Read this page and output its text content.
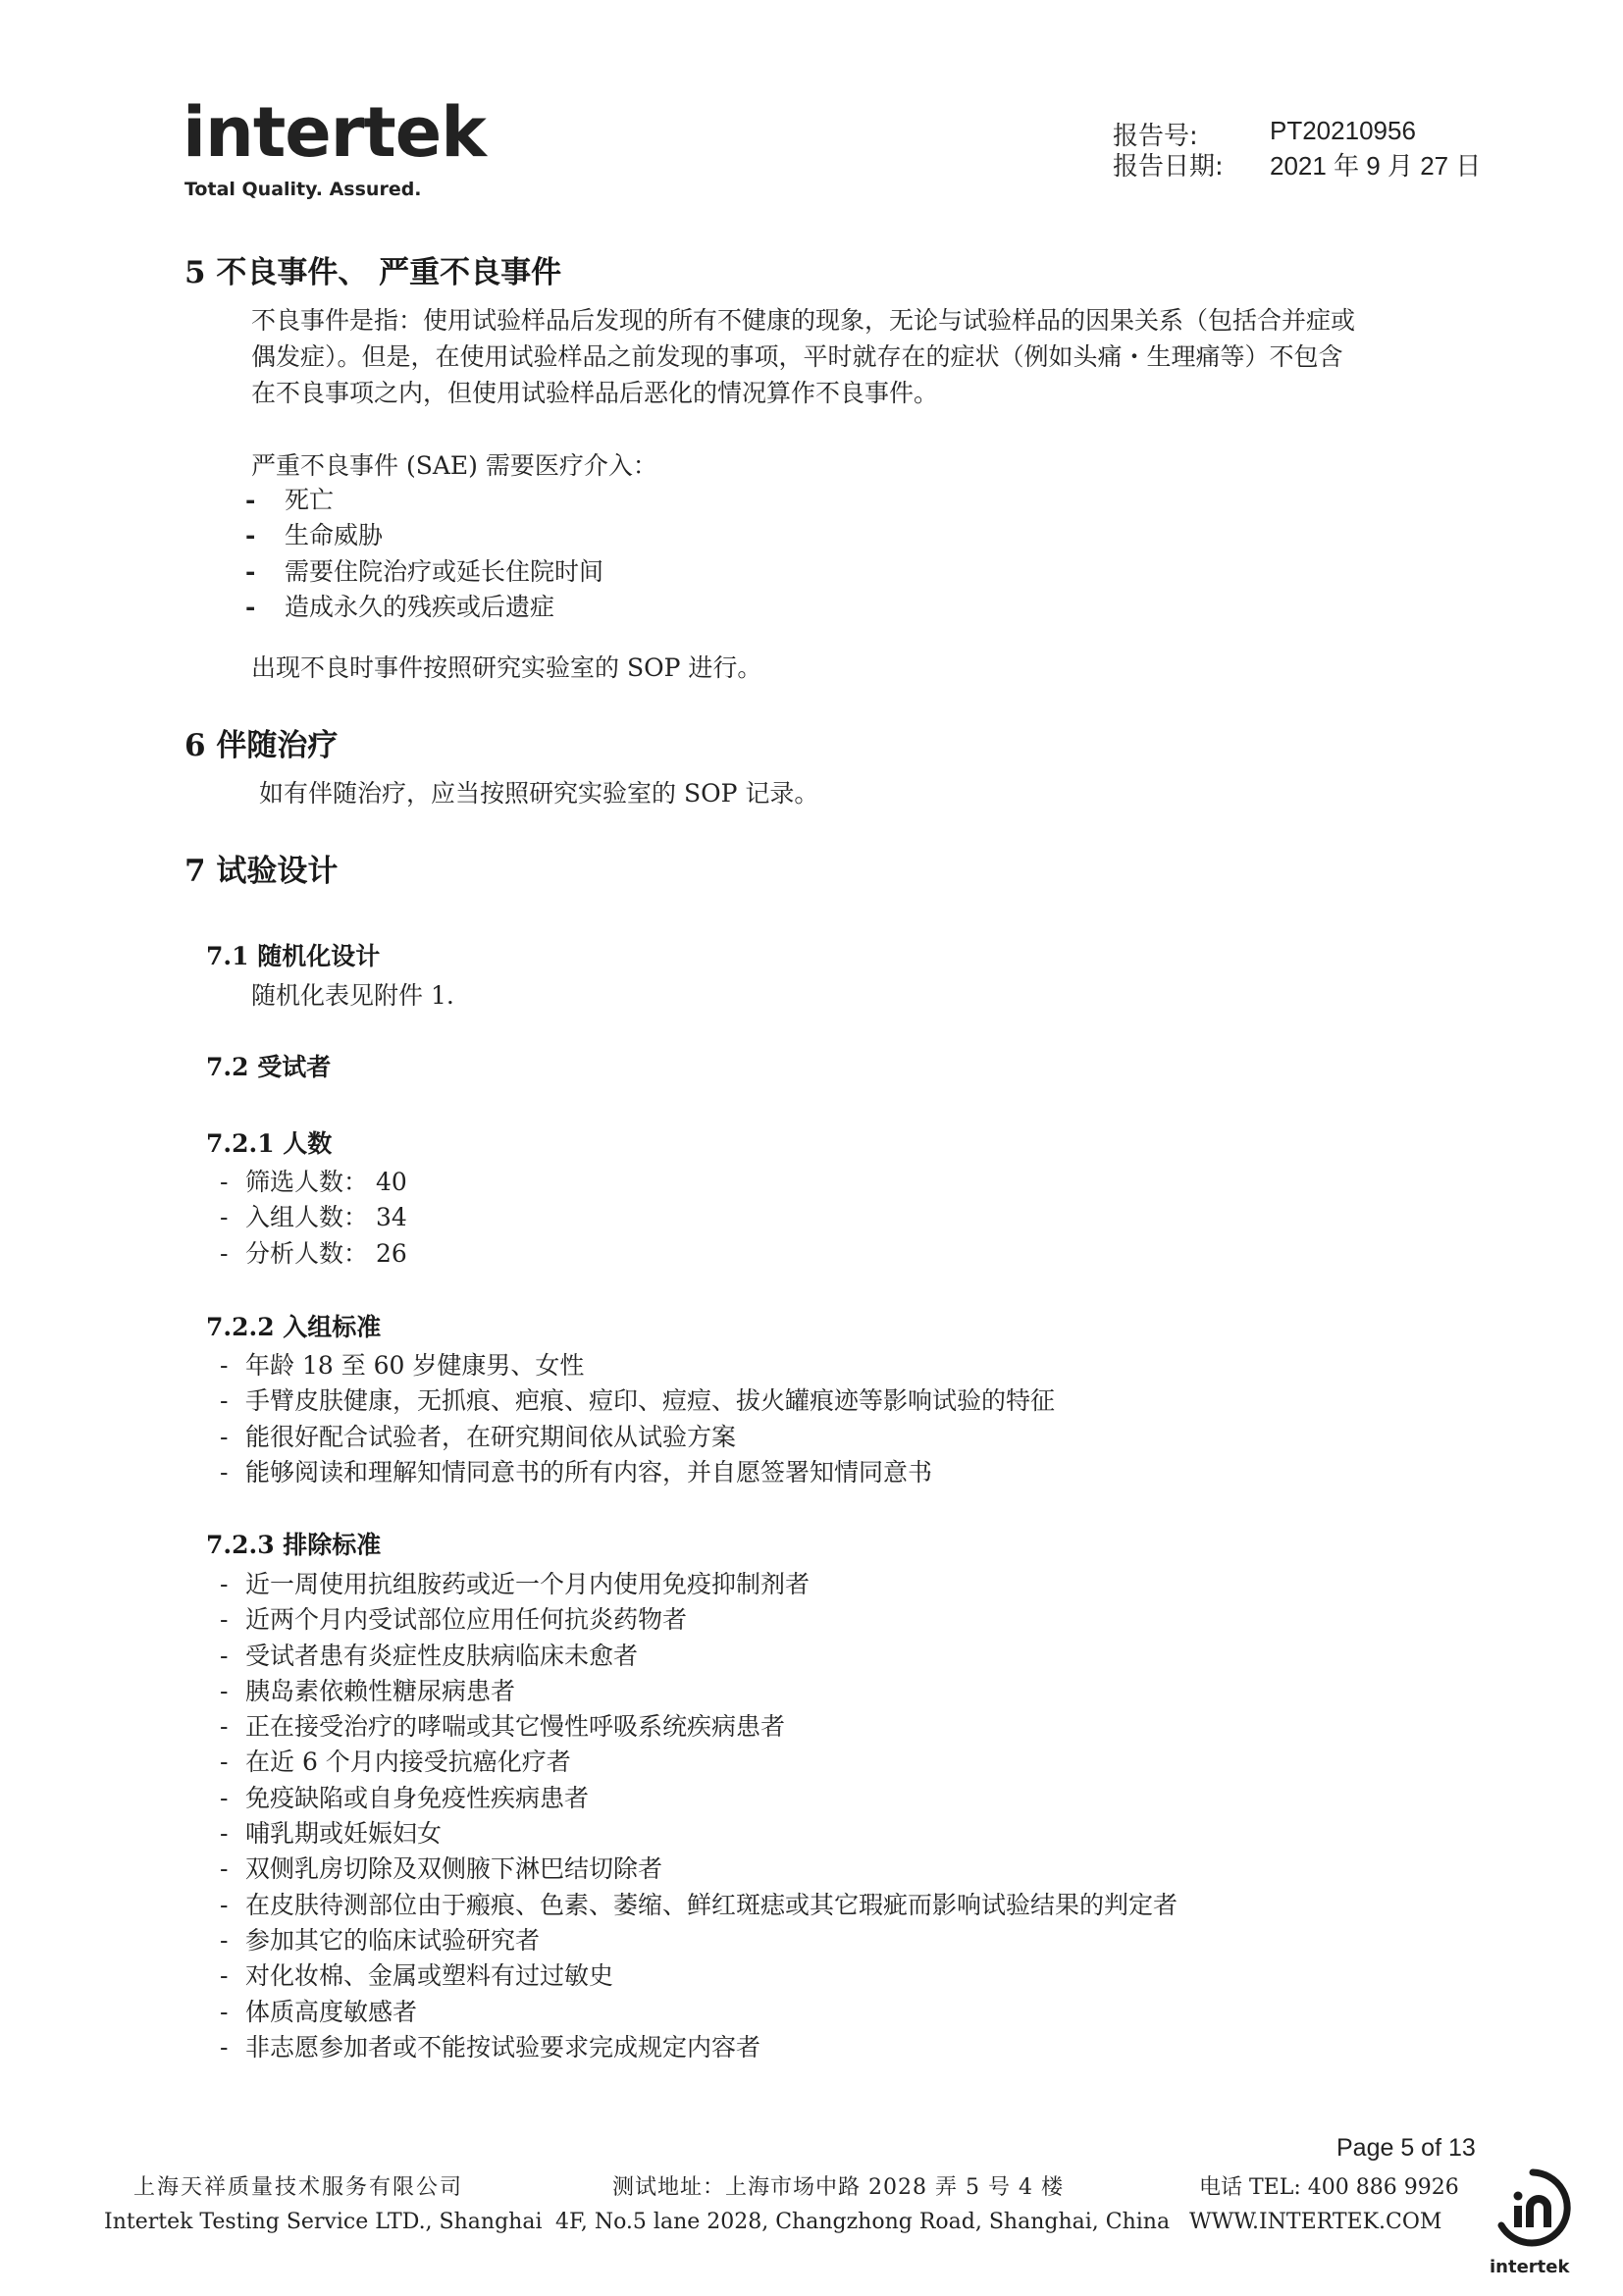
intertek
Total Quality. Assured.
报告号:	PT20210956
报告日期: 2021 年 9 月 27 日
5 不良事件、 严重不良事件
不良事件是指：使用试验样品后发现的所有不健康的现象，无论与试验样品的因果关系（包括合并症或
偶发症）。但是，在使用试验样品之前发现的事项，平时就存在的症状（例如头痛・生理痛等）不包含
在不良事项之内，但使用试验样品后恶化的情况算作不良事件。
严重不良事件 (SAE) 需要医疗介入：
- 死亡
- 生命威胁
- 需要住院治疗或延长住院时间
- 造成永久的残疾或后遗症
出现不良时事件按照研究实验室的 SOP 进行。
6 伴随治疗
如有伴随治疗，应当按照研究实验室的 SOP 记录。
7 试验设计
7.1 随机化设计
随机化表见附件 1.
7.2 受试者
7.2.1 人数
- 筛选人数： 40
- 入组人数： 34
- 分析人数： 26
7.2.2 入组标准
- 年龄 18 至 60 岁健康男、女性
- 手臂皮肤健康，无抓痕、疤痕、痘印、痘痘、拔火罐痕迹等影响试验的特征
- 能很好配合试验者，在研究期间依从试验方案
- 能够阅读和理解知情同意书的所有内容，并自愿签署知情同意书
7.2.3 排除标准
- 近一周使用抗组胺药或近一个月内使用免疫抑制剂者
- 近两个月内受试部位应用任何抗炎药物者
- 受试者患有炎症性皮肤病临床未愈者
- 胰岛素依赖性糖尿病患者
- 正在接受治疗的哮喘或其它慢性呼吸系统疾病患者
- 在近 6 个月内接受抗癌化疗者
- 免疫缺陷或自身免疫性疾病患者
- 哺乳期或妊娠妇女
- 双侧乳房切除及双侧腋下淋巴结切除者
- 在皮肤待测部位由于瘢痕、色素、萎缩、鲜红斑痣或其它瑕疵而影响试验结果的判定者
- 参加其它的临床试验研究者
- 对化妆棉、金属或塑料有过过敏史
- 体质高度敏感者
- 非志愿参加者或不能按试验要求完成规定内容者
Page 5 of 13
上海天祥质量技术服务有限公司
Intertek Testing Service LTD., Shanghai
测试地址：上海市场中路 2028 弄 5 号 4 楼
4F, No.5 lane 2028, Changzhong Road, Shanghai, China
电话 TEL: 400 886 9926
WWW.INTERTEK.COM
intertek
